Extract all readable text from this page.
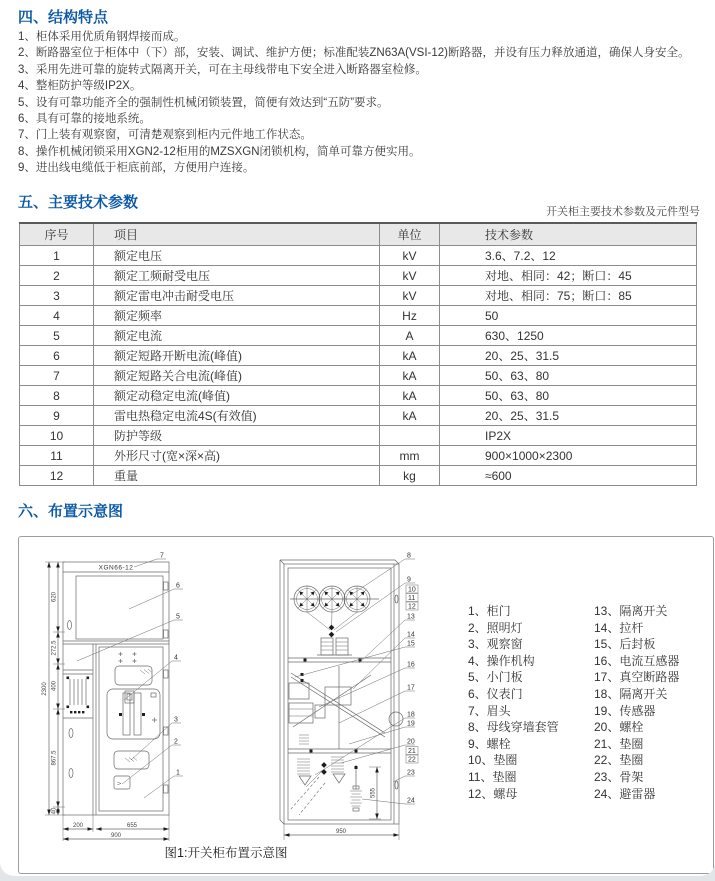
四、结构特点
1、柜体采用优质角钢焊接而成。
2、断路器室位于柜体中（下）部，安装、调试、维护方便；标准配装ZN63A(VSI-12)断路器，并设有压力释放通道，确保人身安全。
3、采用先进可靠的旋转式隔离开关，可在主母线带电下安全进入断路器室检修。
4、整柜防护等级IP2X。
5、设有可靠功能齐全的强制性机械闭锁装置，简便有效达到“五防”要求。
6、具有可靠的接地系统。
7、门上装有观察窗，可清楚观察到柜内元件地工作状态。
8、操作机械闭锁采用XGN2-12柜用的MZSXGN闭锁机构，简单可靠方便实用。
9、进出线电缆低于柜底前部，方便用户连接。
五、主要技术参数
开关柜主要技术参数及元件型号
序号	项目	单位	技术参数
1	额定电压	kV	3.6、7.2、12
2	额定工频耐受电压	kV	对地、相同：42；断口：45
3	额定雷电冲击耐受电压	kV	对地、相同：75；断口：85
4	额定频率	Hz	50
5	额定电流	A	630、1250
6	额定短路开断电流(峰值)	kA	20、25、31.5
7	额定短路关合电流(峰值)	kA	50、63、80
8	额定动稳定电流(峰值)	kA	50、63、80
9	雷电热稳定电流4S(有效值)	kA	20、25、31.5
10	防护等级		IP2X
11	外形尺寸(宽×深×高)	mm	900×1000×2300
12	重量	kg	≈600
六、布置示意图
2300
620
272.5
400
867.5
40
XGN66-12
7
6
5
4
3
2
1
200	655
900
555
950
8
9
10
11
12
13
14
15
16
17
18
19
20
21
22
23
24
1、柜门
2、照明灯
3、观察窗
4、操作机构
5、小门板
6、仪表门
7、眉头
8、母线穿墙套管
9、螺栓
10、垫圈
11、垫圈
12、螺母
13、隔离开关
14、拉杆
15、后封板
16、电流互感器
17、真空断路器
18、隔离开关
19、传感器
20、螺栓
21、垫圈
22、垫圈
23、骨架
24、避雷器
图1:开关柜布置示意图
